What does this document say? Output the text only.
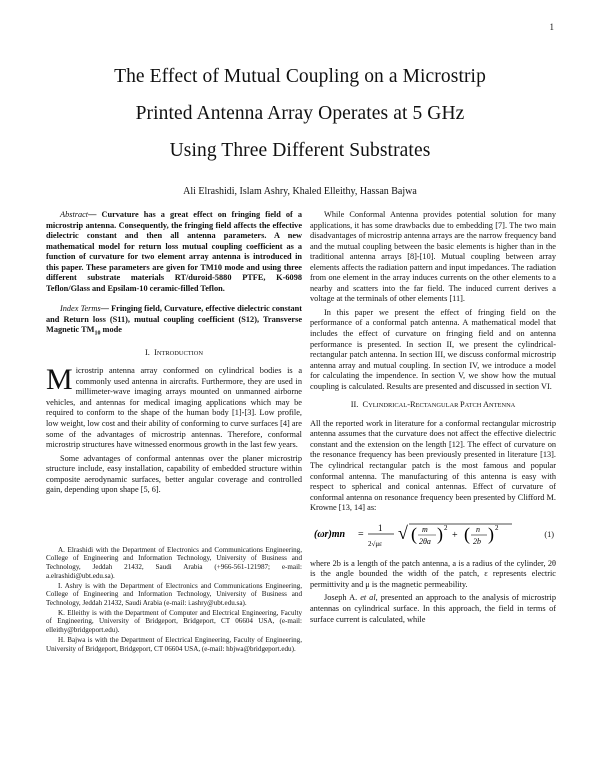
1
The Effect of Mutual Coupling on a Microstrip
Printed Antenna Array Operates at 5 GHz
Using Three Different Substrates
Ali Elrashidi, Islam Ashry, Khaled Elleithy, Hassan Bajwa

Abstract— Curvature has a great effect on fringing field of a microstrip antenna. Consequently, the fringing field affects the effective dielectric constant and then all antenna parameters. A new mathematical model for return loss mutual coupling coefficient as a function of curvature for two element array antenna is introduced in this paper. These parameters are given for TM10 mode and using three different substrate materials RT/duroid-5880 PTFE, K-6098 Teflon/Glass and Epsilam-10 ceramic-filled Teflon.

Index Terms— Fringing field, Curvature, effective dielectric constant and Return loss (S11), mutual coupling coefficient (S12), Transverse Magnetic $TM_{10}$ mode

I. INTRODUCTION
M icrostrip antenna array conformed on cylindrical bodies is a commonly used antenna in aircrafts. Furthermore, they are used in millimeter-wave imaging arrays mounted on unmanned airborne vehicles, and antennas for medical imaging applications which may be required to conform to the shape of the human body [1]-[3]. Low profile, low weight, low cost and their ability of conforming to curve surfaces [4] are some of the advantages of microstrip antennas. Therefore, conformal microstrip structures have witnessed enormous growth in the last few years.

Some advantages of conformal antennas over the planer microstrip structure include, easy installation, capability of embedded structure within composite aerodynamic surfaces, better angular coverage and controlled gain, depending upon shape [5, 6].

A. Elrashidi with the Department of Electronics and Communications Engineering, College of Engineering and Information Technology, University of Business and Technology, Jeddah 21432, Saudi Arabia (+966-561-121987; e-mail: a.elrashidi@ubt.edu.sa).

I. Ashry is with the Department of Electronics and Communications Engineering, College of Engineering and Information Technology, University of Business and Technology, Jeddah 21432, Saudi Arabia (e-mail: i.ashry@ubt.edu.sa).

K. Elleithy is with the Department of Computer and Electrical Engineering, Faculty of Engineering, University of Bridgeport, Bridgeport, CT 06604 USA, (e-mail: elleithy@bridgeport.edu).

H. Bajwa is with the Department of Electrical Engineering, Faculty of Engineering, University of Bridgeport, Bridgeport, CT 06604 USA, (e-mail: hbjwa@bridgeport.edu).

While Conformal Antenna provides potential solution for many applications, it has some drawbacks due to embedding [7]. The two main disadvantages of microstrip antenna arrays are the narrow frequency band and the mutual coupling between the basic elements is higher than in the traditional antenna arrays [8]-[10]. Mutual coupling between array elements affects the radiation pattern and input impedances. The radiation from one element in the array induces currents on the other elements to a nearby and scatters into the far field. The induced current derives a voltage at the terminals of other elements [11].

In this paper we present the effect of fringing field on the performance of a conformal patch antenna. A mathematical model that includes the effect of curvature on fringing field and on antenna performance is presented. In section II, we present the cylindrical- rectangular patch antenna. In section III, we discuss conformal microstrip antenna array and mutual coupling. In section IV, we introduce a model for calculating the impendence. In section V, we show how the mutual coupling is calculated. Results are presented and discussed in section VI.

II. CYLINDRICAL-RECTANGULAR PATCH ANTENNA

All the reported work in literature for a conformal rectangular microstrip antenna assumes that the curvature does not affect the effective dielectric constant and the extension on the length [12]. The effect of curvature on the resonance frequency has been previously presented in literature [13]. The cylindrical rectangular patch is the most famous and popular conformal antenna. The manufacturing of this antenna is easy with respect to spherical and conical antennas. Effect of curvature of conformal antenna on resonance frequency been presented by Clifford M. Krowne [13, 14] as:

(ωr)mn =
1
2√με
√ ( m
2θa ) 2
+ ( n
2b ) 2
(1)

where 2b is a length of the patch antenna, a is a radius of the cylinder, 2θ is the angle bounded the width of the patch, ε represents electric permittivity and μ is the magnetic permeability.

Joseph A. et al, presented an approach to the analysis of microstrip antennas on cylindrical surface. In this approach, the field in terms of surface current is calculated, while
